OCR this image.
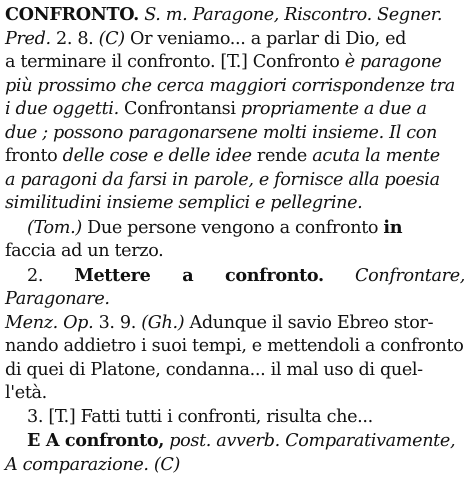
CONFRONTO. S. m. Paragone, Riscontro. Segner.
Pred. 2. 8. (C) Or veniamo... a parlar di Dio, ed
a terminare il confronto. [T.] Confronto è paragone
più prossimo che cerca maggiori corrispondenze tra
i due oggetti. Confrontansi propriamente a due a
due ; possono paragonarsene molti insieme. Il con
fronto delle cose e delle idee rende acuta la mente
a paragoni da farsi in parole, e fornisce alla poesia
similitudini insieme semplici e pellegrine.

(Tom.) Due persone vengono a confronto in
faccia ad un terzo.

2. Mettere a confronto. Confrontare, Paragonare.
Menz. Op. 3. 9. (Gh.) Adunque il savio Ebreo stor-
nando addietro i suoi tempi, e mettendoli a confronto
di quei di Platone, condanna... il mal uso di quel-
l'età.

3. [T.] Fatti tutti i confronti, risulta che...

E A confronto, post. avverb. Comparativamente,
A comparazione. (C)
